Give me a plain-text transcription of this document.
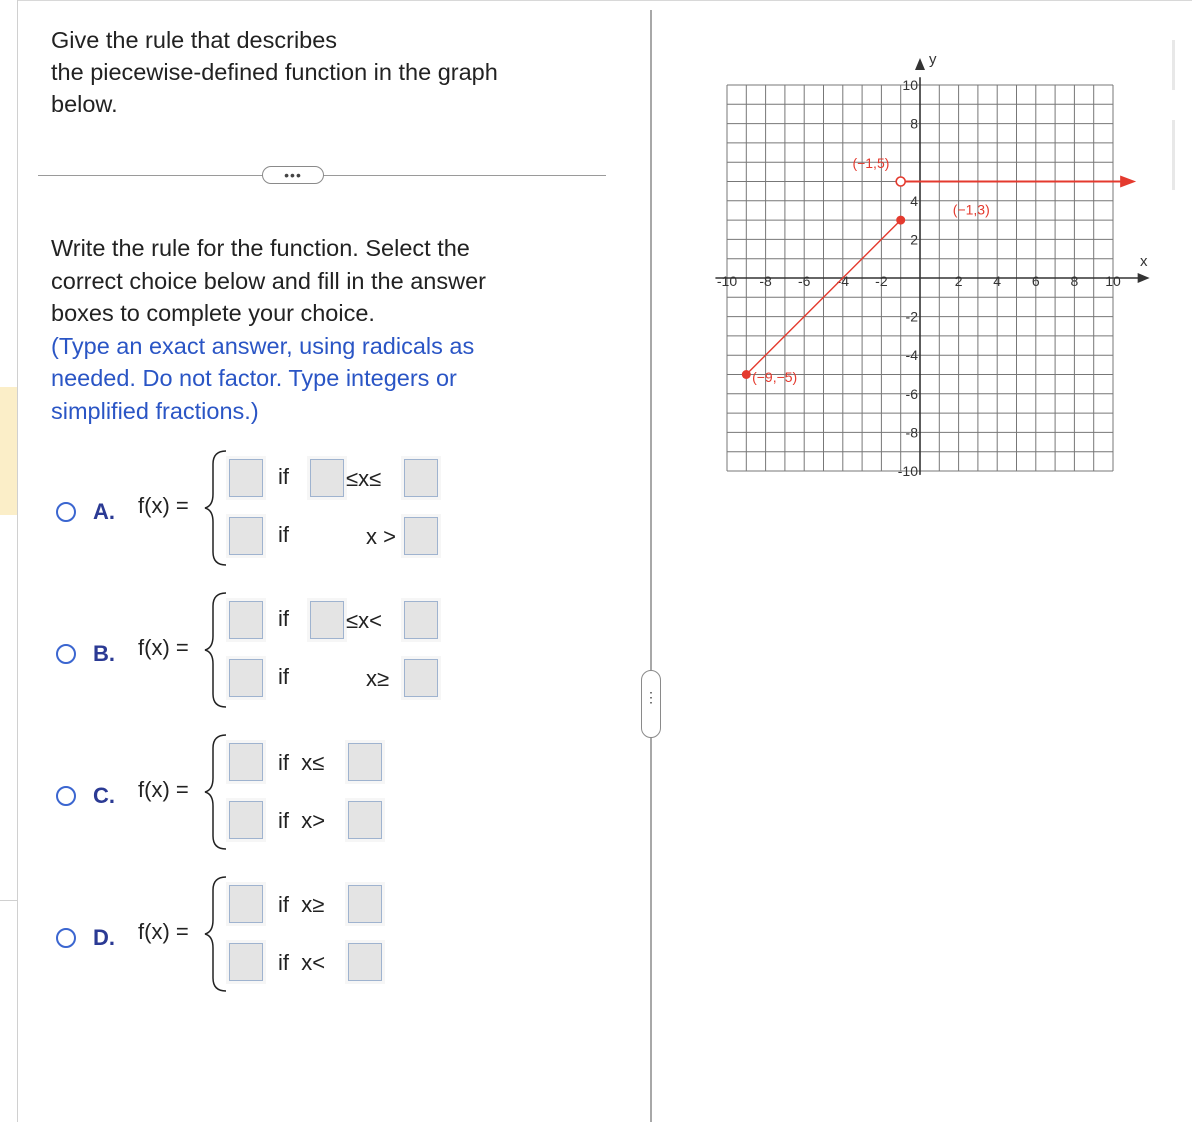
Give the rule that describes
the piecewise-defined function in the graph
below.
•••
Write the rule for the function. Select the
correct choice below and fill in the answer
boxes to complete your choice.
(Type an exact answer, using radicals as
needed. Do not factor. Type integers or
simplified fractions.)
A. f(x) =
if	≤x≤
if	x >
B. f(x) =
if	≤x<
if	x≥
C. f(x) =
if  x≤
if  x>
D. f(x) =
if  x≥
if  x<
⋮
-10 -8 -6 -4 -2	2 4 6 8 10
10
8
4
2
-2
-4
-6
-8
-10
x
y
(−9,−5)
(−1,3)
(−1,5)
